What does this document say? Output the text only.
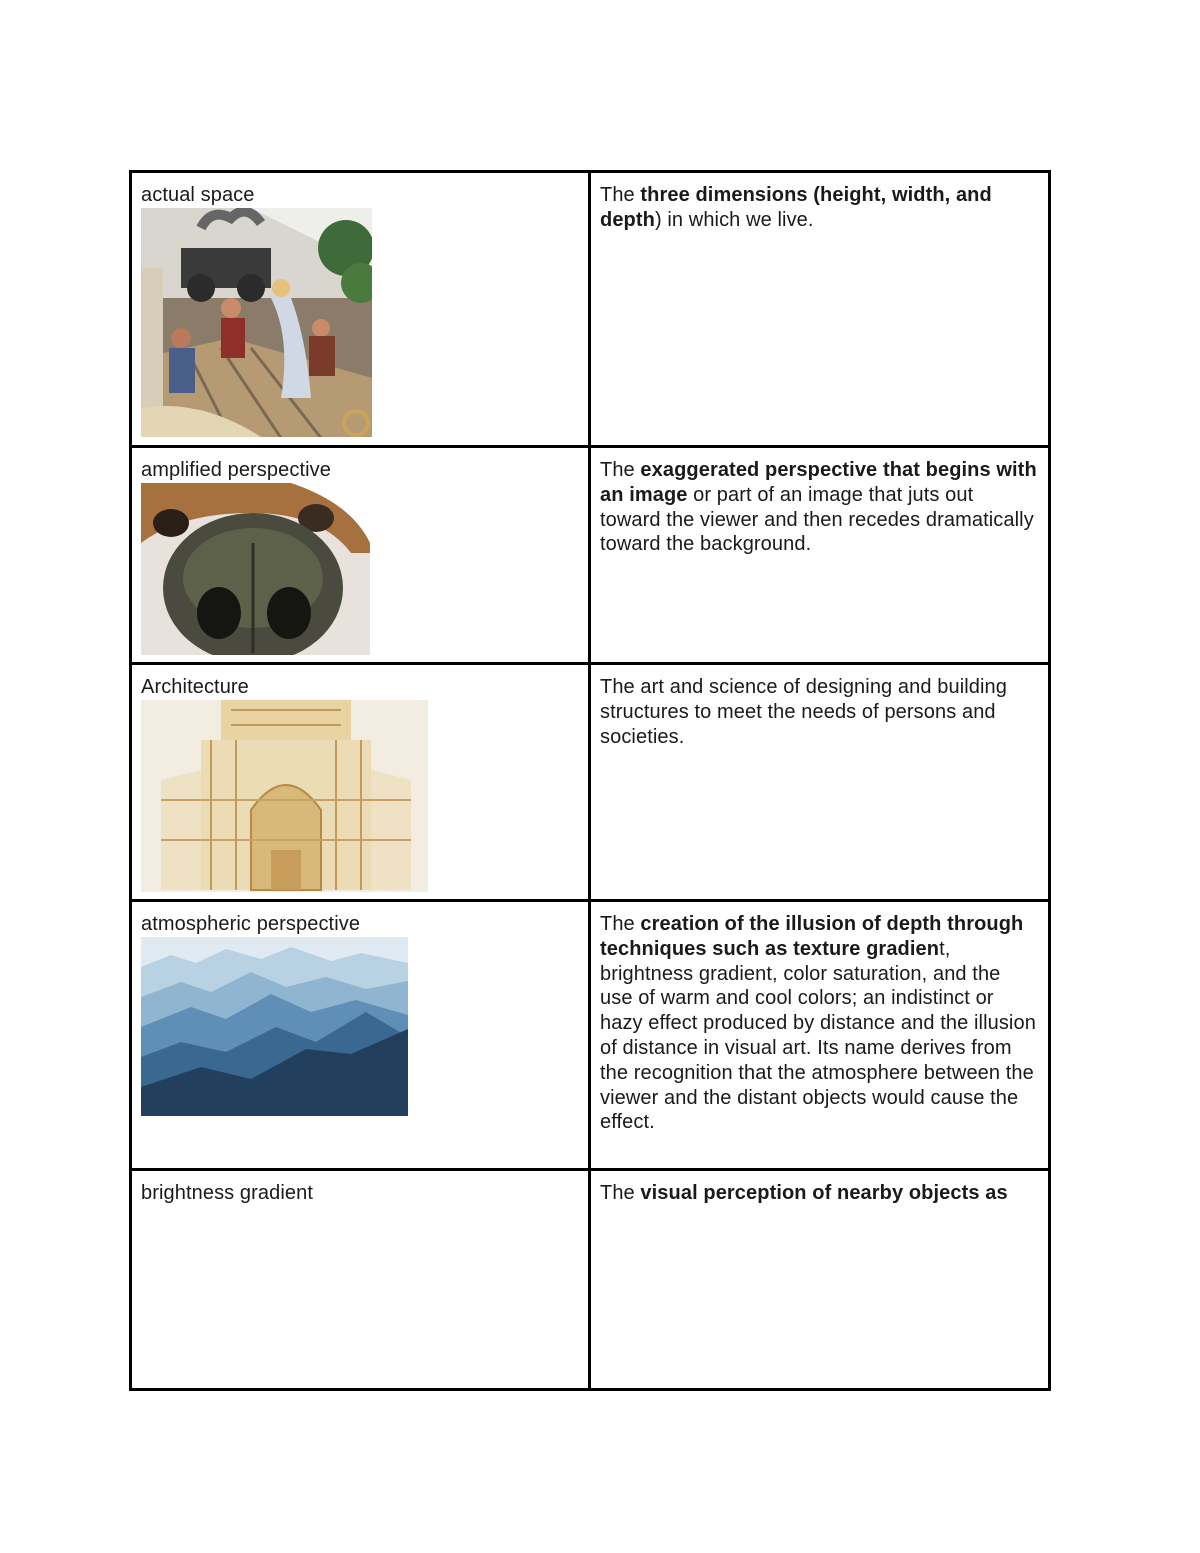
actual space	The three dimensions (height, width, and depth) in which we live.

amplified perspective	The exaggerated perspective that begins with an image or part of an image that juts out toward the viewer and then recedes dramatically toward the background.

Architecture	The art and science of designing and building structures to meet the needs of persons and societies.

atmospheric perspective	The creation of the illusion of depth through techniques such as texture gradient, brightness gradient, color saturation, and the use of warm and cool colors; an indistinct or hazy effect produced by distance and the illusion of distance in visual art. Its name derives from the recognition that the atmosphere between the viewer and the distant objects would cause the effect.

brightness gradient	The visual perception of nearby objects as
